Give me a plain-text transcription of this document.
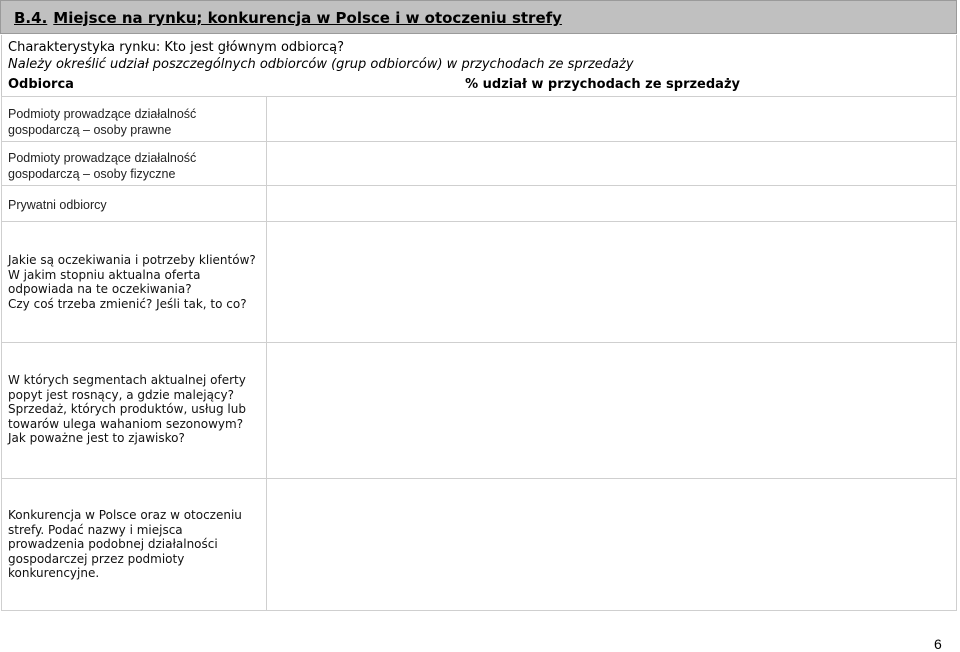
B.4. Miejsce na rynku; konkurencja w Polsce i w otoczeniu strefy
Charakterystyka rynku: Kto jest głównym odbiorcą?
Należy określić udział poszczególnych odbiorców (grup odbiorców) w przychodach ze sprzedaży
Odbiorca	% udział w przychodach ze sprzedaży
Podmioty prowadzące działalność
gospodarczą – osoby prawne
Podmioty prowadzące działalność
gospodarczą – osoby fizyczne
Prywatni odbiorcy
Jakie są oczekiwania i potrzeby klientów?
W jakim stopniu aktualna oferta
odpowiada na te oczekiwania?
Czy coś trzeba zmienić? Jeśli tak, to co?
W których segmentach aktualnej oferty
popyt jest rosnący, a gdzie malejący?
Sprzedaż, których produktów, usług lub
towarów ulega wahaniom sezonowym?
Jak poważne jest to zjawisko?
Konkurencja w Polsce oraz w otoczeniu
strefy. Podać nazwy i miejsca
prowadzenia podobnej działalności
gospodarczej przez podmioty
konkurencyjne.
6
